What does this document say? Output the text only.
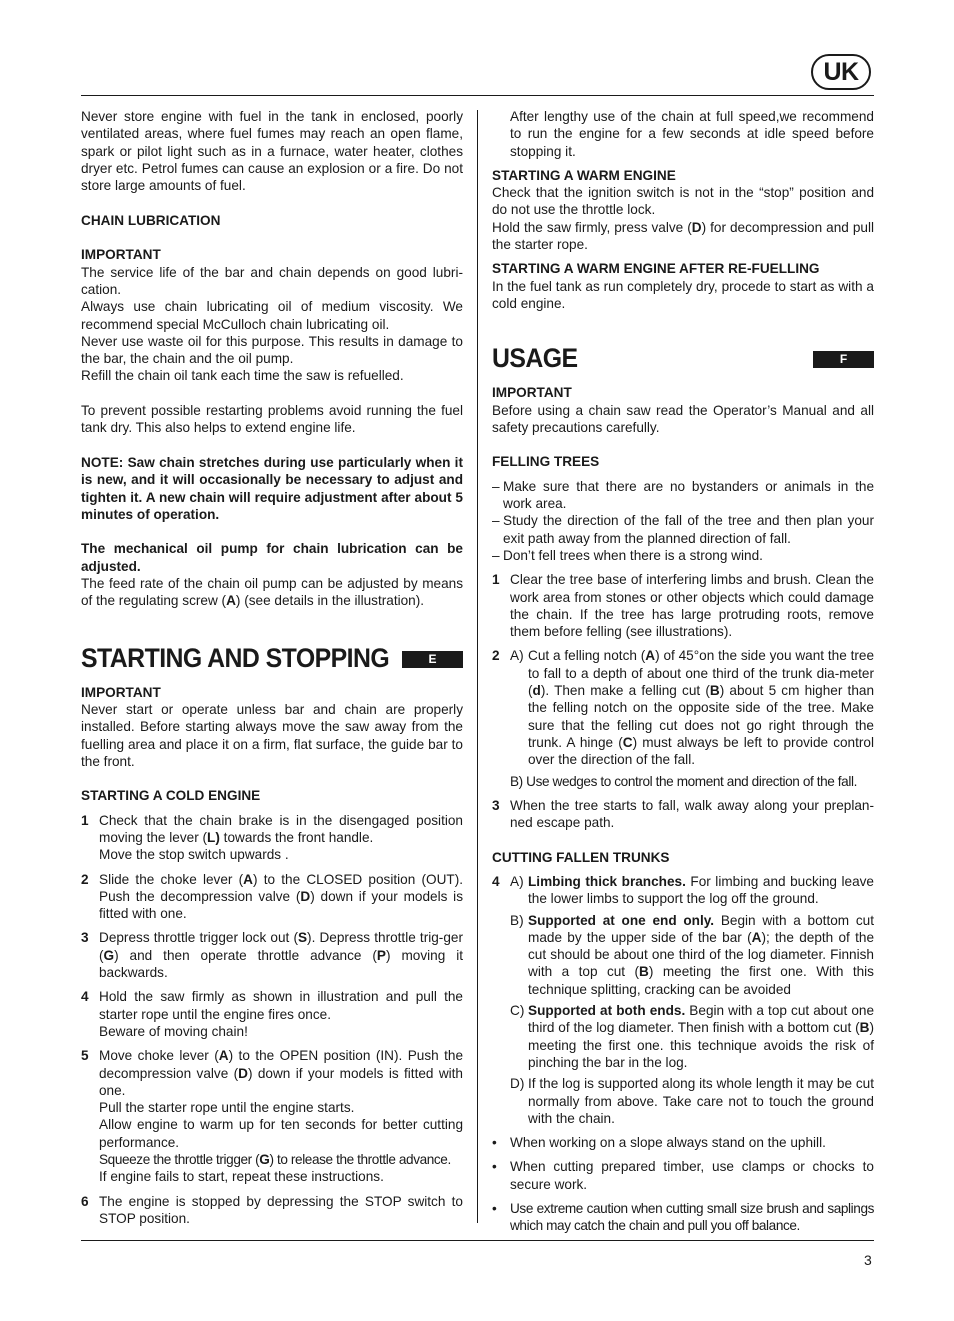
UK

Never store engine with fuel in the tank in enclosed, poorly ventilated areas, where fuel fumes may reach an open flame, spark or pilot light such as in a furnace, water heater, clothes dryer etc. Petrol fumes can cause an explosion or a fire. Do not store large amounts of fuel.

CHAIN LUBRICATION
IMPORTANT

The service life of the bar and chain depends on good lubri-cation.

Always use chain lubricating oil of medium viscosity. We recommend special McCulloch chain lubricating oil.

Never use waste oil for this purpose. This results in damage to the bar, the chain and the oil pump.

Refill the chain oil tank each time the saw is refuelled.

To prevent possible restarting problems avoid running the fuel tank dry. This also helps to extend engine life.

NOTE: Saw chain stretches during use particularly when it is new, and it will occasionally be necessary to adjust and tighten it. A new chain will require adjustment after about 5 minutes of operation.

The mechanical oil pump for chain lubrication can be adjusted.

The feed rate of the chain oil pump can be adjusted by means of the regulating screw (A) (see details in the illustration).

STARTING AND STOPPING	E
IMPORTANT

Never start or operate unless bar and chain are properly installed. Before starting always move the saw away from the fuelling area and place it on a firm, flat surface, the guide bar to the front.

STARTING A COLD ENGINE
1 Check that the chain brake is in the disengaged position moving the lever (L) towards the front handle.

Move the stop switch upwards .

2 Slide the choke lever (A) to the CLOSED position (OUT). Push the decompression valve (D) down if your models is fitted with one.

3 Depress throttle trigger lock out (S). Depress throttle trig-ger (G) and then operate throttle advance (P) moving it backwards.

4 Hold the saw firmly as shown in illustration and pull the starter rope until the engine fires once.

Beware of moving chain!

5 Move choke lever (A) to the OPEN position (IN). Push the decompression valve (D) down if your models is fitted with one.

Pull the starter rope until the engine starts.

Allow engine to warm up for ten seconds for better cutting performance.

Squeeze the throttle trigger (G) to release the throttle advance.

If engine fails to start, repeat these instructions.

6 The engine is stopped by depressing the STOP switch to STOP position.

After lengthy use of the chain at full speed,we recommend to run the engine for a few seconds at idle speed before stopping it.

STARTING A WARM ENGINE

Check that the ignition switch is not in the “stop” position and do not use the throttle lock.

Hold the saw firmly, press valve (D) for decompression and pull the starter rope.

STARTING A WARM ENGINE AFTER RE-FUELLING

In the fuel tank as run completely dry, procede to start as with a cold engine.

USAGE	F
IMPORTANT

Before using a chain saw read the Operator’s Manual and all safety precautions carefully.

FELLING TREES
– Make sure that there are no bystanders or animals in the work area.

– Study the direction of the fall of the tree and then plan your exit path away from the planned direction of fall.

– Don’t fell trees when there is a strong wind.

1 Clear the tree base of interfering limbs and brush. Clean the work area from stones or other objects which could damage the chain. If the tree has large protruding roots, remove them before felling (see illustrations).

2 A) Cut a felling notch (A) of 45°on the side you want the tree to fall to a depth of about one third of the trunk dia-meter (d). Then make a felling cut (B) about 5 cm higher than the felling notch on the opposite side of the tree. Make sure that the felling cut does not go right through the trunk. A hinge (C) must always be left to provide control over the direction of the fall.

B) Use wedges to control the moment and direction of the fall.

3 When the tree starts to fall, walk away along your preplan-ned escape path.

CUTTING FALLEN TRUNKS
4 A) Limbing thick branches. For limbing and bucking leave the lower limbs to support the log off the ground.

B) Supported at one end only. Begin with a bottom cut made by the upper side of the bar (A); the depth of the cut should be about one third of the log diameter. Finnish with a top cut (B) meeting the first one. With this technique splitting, cracking can be avoided

C) Supported at both ends. Begin with a top cut about one third of the log diameter. Then finish with a bottom cut (B) meeting the first one. this technique avoids the risk of pinching the bar in the log.

D) If the log is supported along its whole length it may be cut normally from above. Take care not to touch the ground with the chain.

• When working on a slope always stand on the uphill.

• When cutting prepared timber, use clamps or chocks to secure work.

• Use extreme caution when cutting small size brush and saplings which may catch the chain and pull you off balance.

3
